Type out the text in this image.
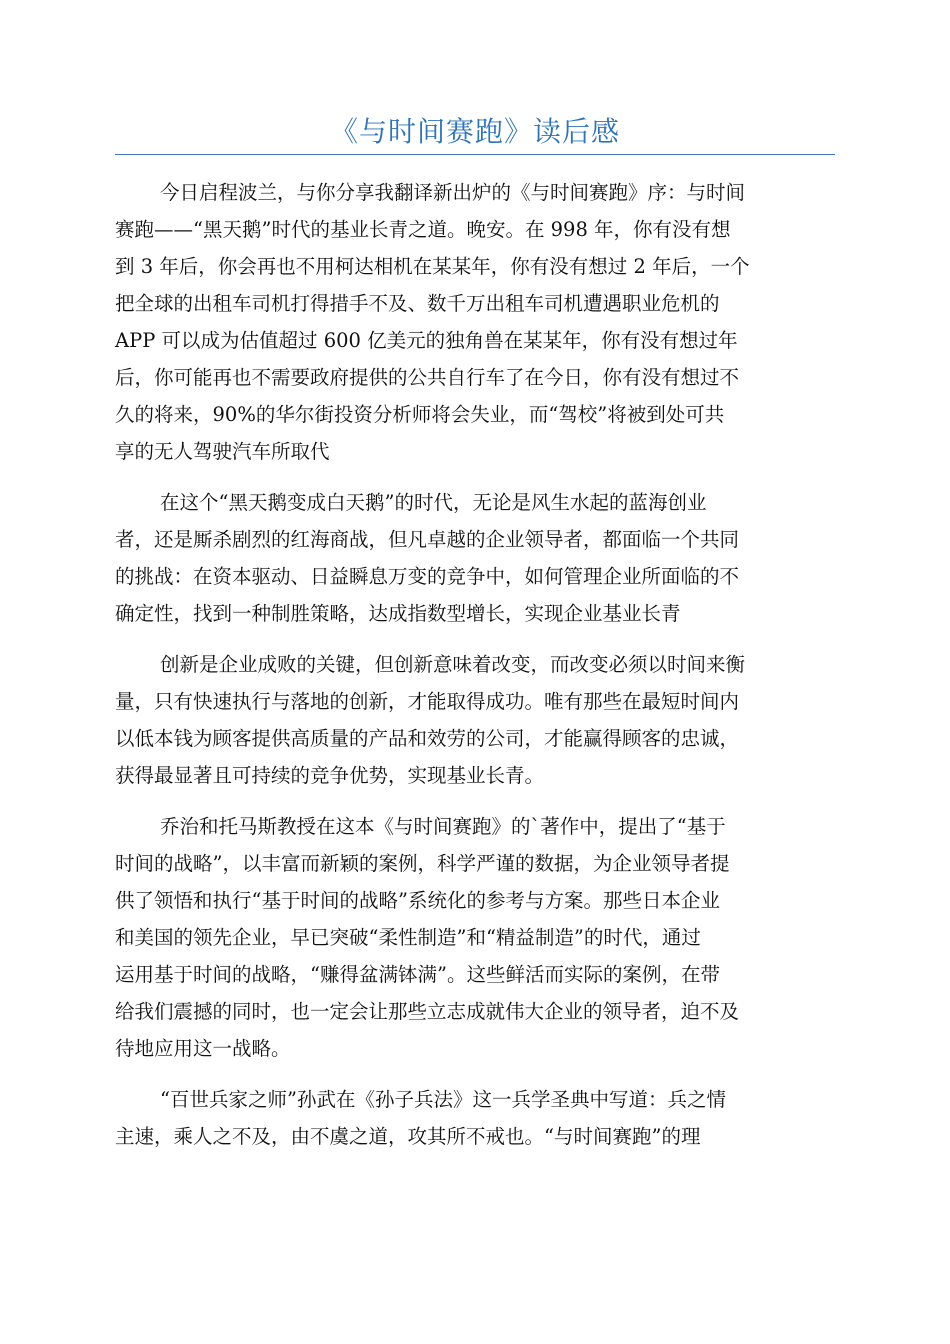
《与时间赛跑》读后感
今日启程波兰，与你分享我翻译新出炉的《与时间赛跑》序：与时间
赛跑——“黑天鹅”时代的基业长青之道。晚安。在 998 年，你有没有想
到 3 年后，你会再也不用柯达相机在某某年，你有没有想过 2 年后，一个
把全球的出租车司机打得措手不及、数千万出租车司机遭遇职业危机的
APP 可以成为估值超过 600 亿美元的独角兽在某某年，你有没有想过年
后，你可能再也不需要政府提供的公共自行车了在今日，你有没有想过不
久的将来，90%的华尔街投资分析师将会失业，而“驾校”将被到处可共
享的无人驾驶汽车所取代
在这个“黑天鹅变成白天鹅”的时代，无论是风生水起的蓝海创业
者，还是厮杀剧烈的红海商战，但凡卓越的企业领导者，都面临一个共同
的挑战：在资本驱动、日益瞬息万变的竞争中，如何管理企业所面临的不
确定性，找到一种制胜策略，达成指数型增长，实现企业基业长青
创新是企业成败的关键，但创新意味着改变，而改变必须以时间来衡
量，只有快速执行与落地的创新，才能取得成功。唯有那些在最短时间内
以低本钱为顾客提供高质量的产品和效劳的公司，才能赢得顾客的忠诚，
获得最显著且可持续的竞争优势，实现基业长青。
乔治和托马斯教授在这本《与时间赛跑》的`著作中，提出了“基于
时间的战略”，以丰富而新颖的案例，科学严谨的数据，为企业领导者提
供了领悟和执行“基于时间的战略”系统化的参考与方案。那些日本企业
和美国的领先企业，早已突破“柔性制造”和“精益制造”的时代，通过
运用基于时间的战略，“赚得盆满钵满”。这些鲜活而实际的案例，在带
给我们震撼的同时，也一定会让那些立志成就伟大企业的领导者，迫不及
待地应用这一战略。
“百世兵家之师”孙武在《孙子兵法》这一兵学圣典中写道：兵之情
主速，乘人之不及，由不虞之道，攻其所不戒也。“与时间赛跑”的理
